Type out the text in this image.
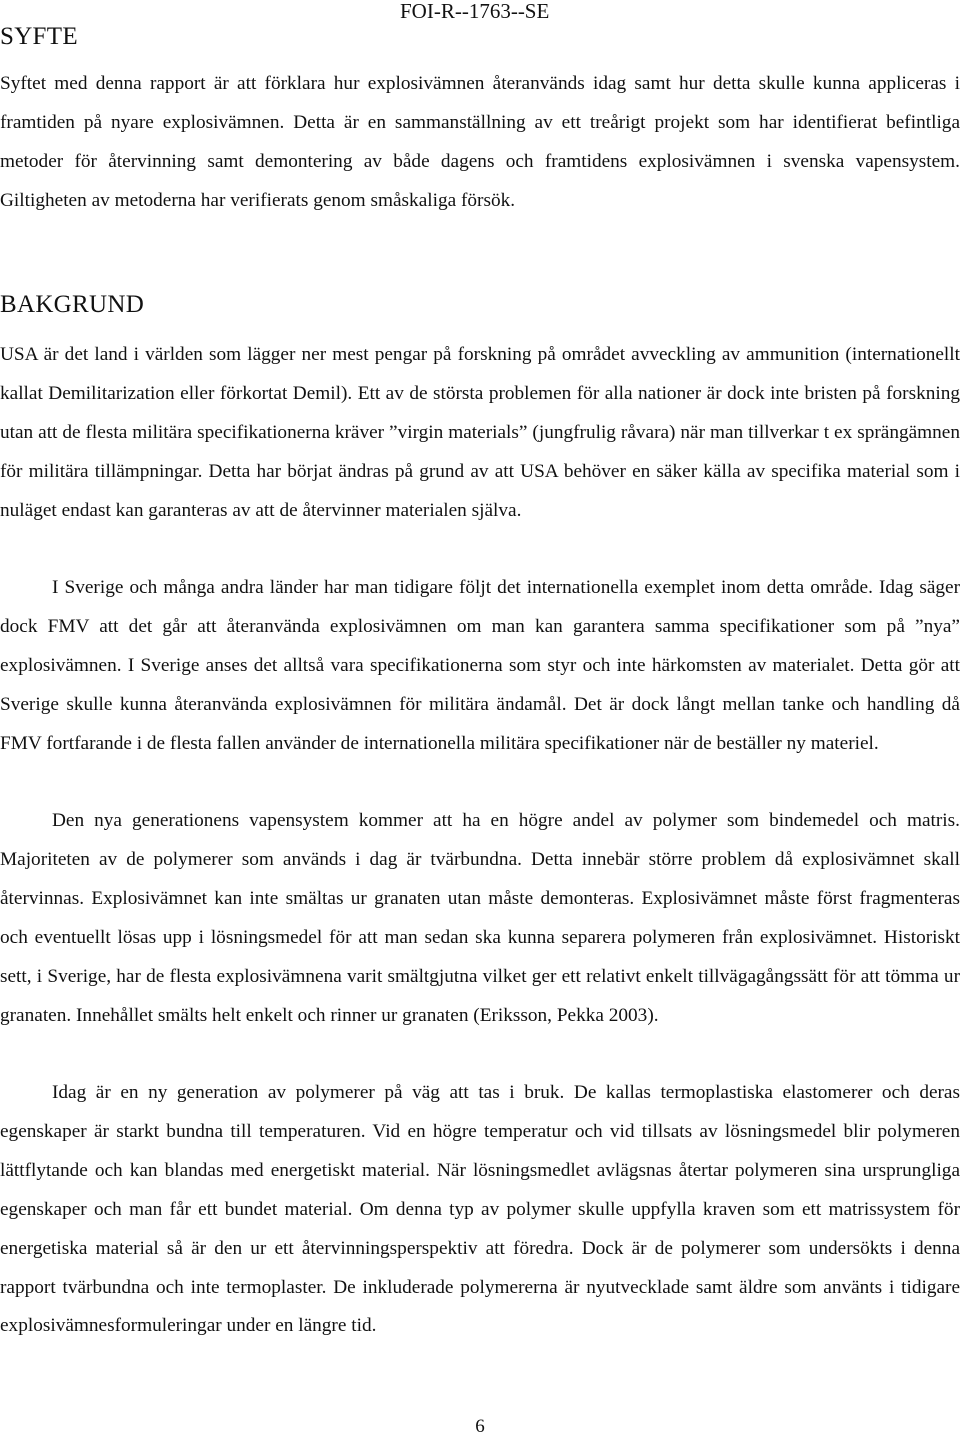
FOI-R--1763--SE
SYFTE

Syftet med denna rapport är att förklara hur explosivämnen återanvänds idag samt hur detta skulle kunna appliceras i framtiden på nyare explosivämnen. Detta är en sammanställning av ett treårigt projekt som har identifierat befintliga metoder för återvinning samt demontering av både dagens och framtidens explosivämnen i svenska vapensystem. Giltigheten av metoderna har verifierats genom småskaliga försök.

BAKGRUND

USA är det land i världen som lägger ner mest pengar på forskning på området avveckling av ammunition (internationellt kallat Demilitarization eller förkortat Demil). Ett av de största problemen för alla nationer är dock inte bristen på forskning utan att de flesta militära specifikationerna kräver ”virgin materials” (jungfrulig råvara) när man tillverkar t ex sprängämnen för militära tillämpningar. Detta har börjat ändras på grund av att USA behöver en säker källa av specifika material som i nuläget endast kan garanteras av att de återvinner materialen själva.

I Sverige och många andra länder har man tidigare följt det internationella exemplet inom detta område. Idag säger dock FMV att det går att återanvända explosivämnen om man kan garantera samma specifikationer som på ”nya” explosivämnen. I Sverige anses det alltså vara specifikationerna som styr och inte härkomsten av materialet. Detta gör att Sverige skulle kunna återanvända explosivämnen för militära ändamål. Det är dock långt mellan tanke och handling då FMV fortfarande i de flesta fallen använder de internationella militära specifikationer när de beställer ny materiel.

Den nya generationens vapensystem kommer att ha en högre andel av polymer som bindemedel och matris. Majoriteten av de polymerer som används i dag är tvärbundna. Detta innebär större problem då explosivämnet skall återvinnas. Explosivämnet kan inte smältas ur granaten utan måste demonteras. Explosivämnet måste först fragmenteras och eventuellt lösas upp i lösningsmedel för att man sedan ska kunna separera polymeren från explosivämnet. Historiskt sett, i Sverige, har de flesta explosivämnena varit smältgjutna vilket ger ett relativt enkelt tillvägagångssätt för att tömma ur granaten. Innehållet smälts helt enkelt och rinner ur granaten (Eriksson, Pekka 2003).

Idag är en ny generation av polymerer på väg att tas i bruk. De kallas termoplastiska elastomerer och deras egenskaper är starkt bundna till temperaturen. Vid en högre temperatur och vid tillsats av lösningsmedel blir polymeren lättflytande och kan blandas med energetiskt material. När lösningsmedlet avlägsnas återtar polymeren sina ursprungliga egenskaper och man får ett bundet material. Om denna typ av polymer skulle uppfylla kraven som ett matrissystem för energetiska material så är den ur ett återvinningsperspektiv att föredra. Dock är de polymerer som undersökts i denna rapport tvärbundna och inte termoplaster. De inkluderade polymererna är nyutvecklade samt äldre som använts i tidigare explosivämnesformuleringar under en längre tid.

6
